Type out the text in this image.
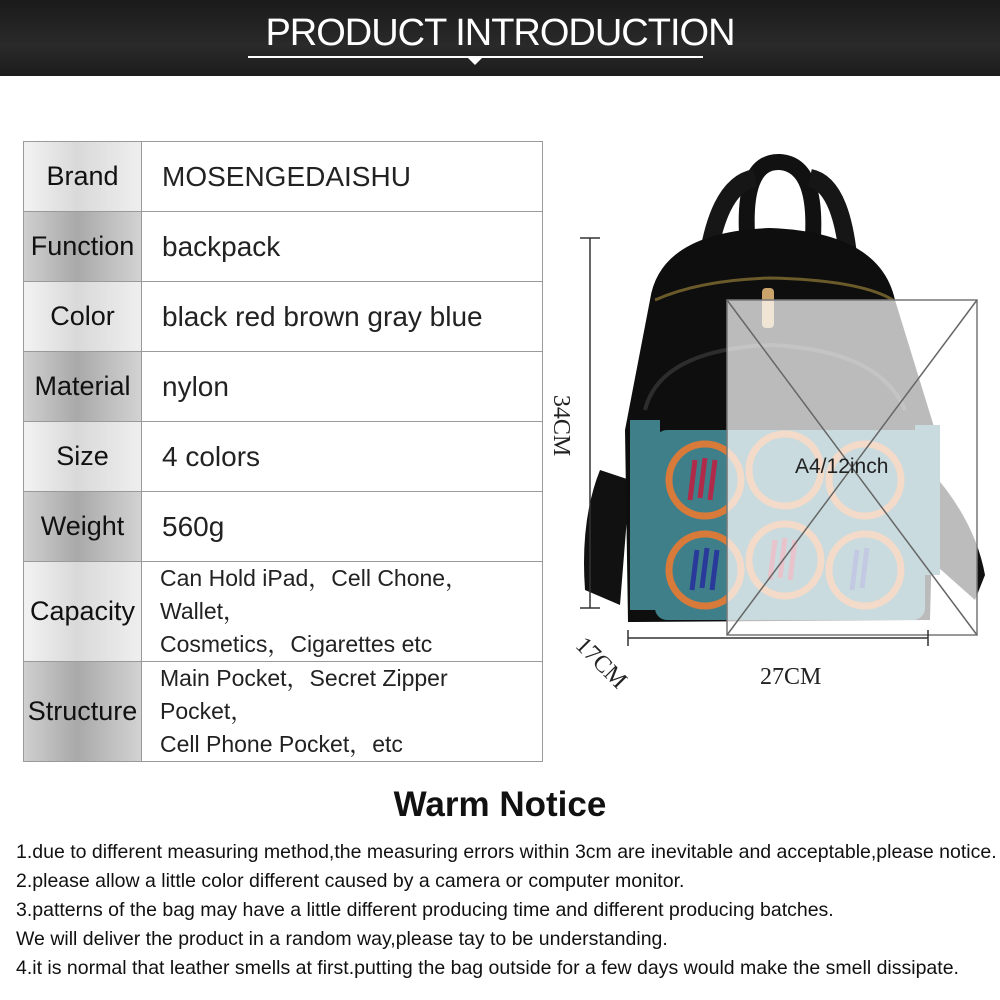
PRODUCT INTRODUCTION
Brand	MOSENGEDAISHU
Function	backpack
Color	black red brown gray blue
Material	nylon
Size	4 colors
Weight	560g
Capacity	Can Hold iPad，Cell Chone，Wallet，
Cosmetics，Cigarettes etc

Structure	Main Pocket，Secret Zipper Pocket，
Cell Phone Pocket，etc
34CM
27CM
17CM
A4/12inch
Warm Notice
1.due to different measuring method,the measuring errors within 3cm are inevitable and acceptable,please notice.
2.please allow a little color different caused by a camera or computer monitor.
3.patterns of the bag may have a little different producing time and different producing batches.
We will deliver the product in a random way,please tay to be understanding.
4.it is normal that leather smells at first.putting the bag outside for a few days would make the smell dissipate.
